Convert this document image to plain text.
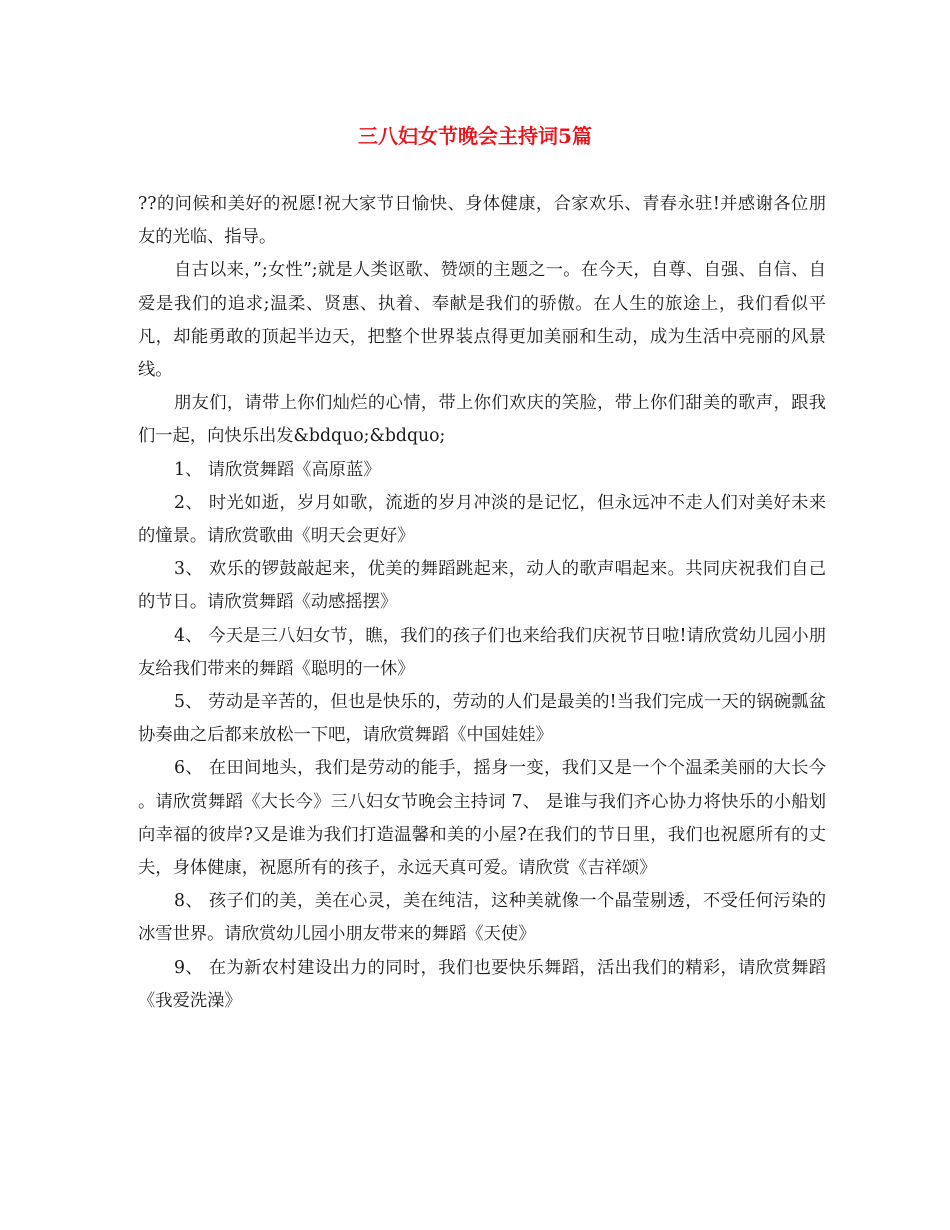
三八妇女节晚会主持词5篇

??的问候和美好的祝愿!祝大家节日愉快、身体健康，合家欢乐、青春永驻!并感谢各位朋友的光临、指导。

自古以来，”;女性”;就是人类讴歌、赞颂的主题之一。在今天，自尊、自强、自信、自爱是我们的追求;温柔、贤惠、执着、奉献是我们的骄傲。在人生的旅途上，我们看似平凡，却能勇敢的顶起半边天，把整个世界装点得更加美丽和生动，成为生活中亮丽的风景线。

朋友们，请带上你们灿烂的心情，带上你们欢庆的笑脸，带上你们甜美的歌声，跟我们一起，向快乐出发&bdquo;&bdquo;

1、 请欣赏舞蹈《高原蓝》

2、 时光如逝，岁月如歌，流逝的岁月冲淡的是记忆，但永远冲不走人们对美好未来的憧景。请欣赏歌曲《明天会更好》

3、 欢乐的锣鼓敲起来，优美的舞蹈跳起来，动人的歌声唱起来。共同庆祝我们自己的节日。请欣赏舞蹈《动感摇摆》

4、 今天是三八妇女节，瞧，我们的孩子们也来给我们庆祝节日啦!请欣赏幼儿园小朋友给我们带来的舞蹈《聪明的一休》

5、 劳动是辛苦的，但也是快乐的，劳动的人们是最美的!当我们完成一天的锅碗瓢盆协奏曲之后都来放松一下吧，请欣赏舞蹈《中国娃娃》

6、 在田间地头，我们是劳动的能手，摇身一变，我们又是一个个温柔美丽的大长今 。请欣赏舞蹈《大长今》三八妇女节晚会主持词 7、 是谁与我们齐心协力将快乐的小船划向幸福的彼岸?又是谁为我们打造温馨和美的小屋?在我们的节日里，我们也祝愿所有的丈夫，身体健康，祝愿所有的孩子，永远天真可爱。请欣赏《吉祥颂》

8、 孩子们的美，美在心灵，美在纯洁，这种美就像一个晶莹剔透，不受任何污染的冰雪世界。请欣赏幼儿园小朋友带来的舞蹈《天使》

9、 在为新农村建设出力的同时，我们也要快乐舞蹈，活出我们的精彩，请欣赏舞蹈《我爱洗澡》
